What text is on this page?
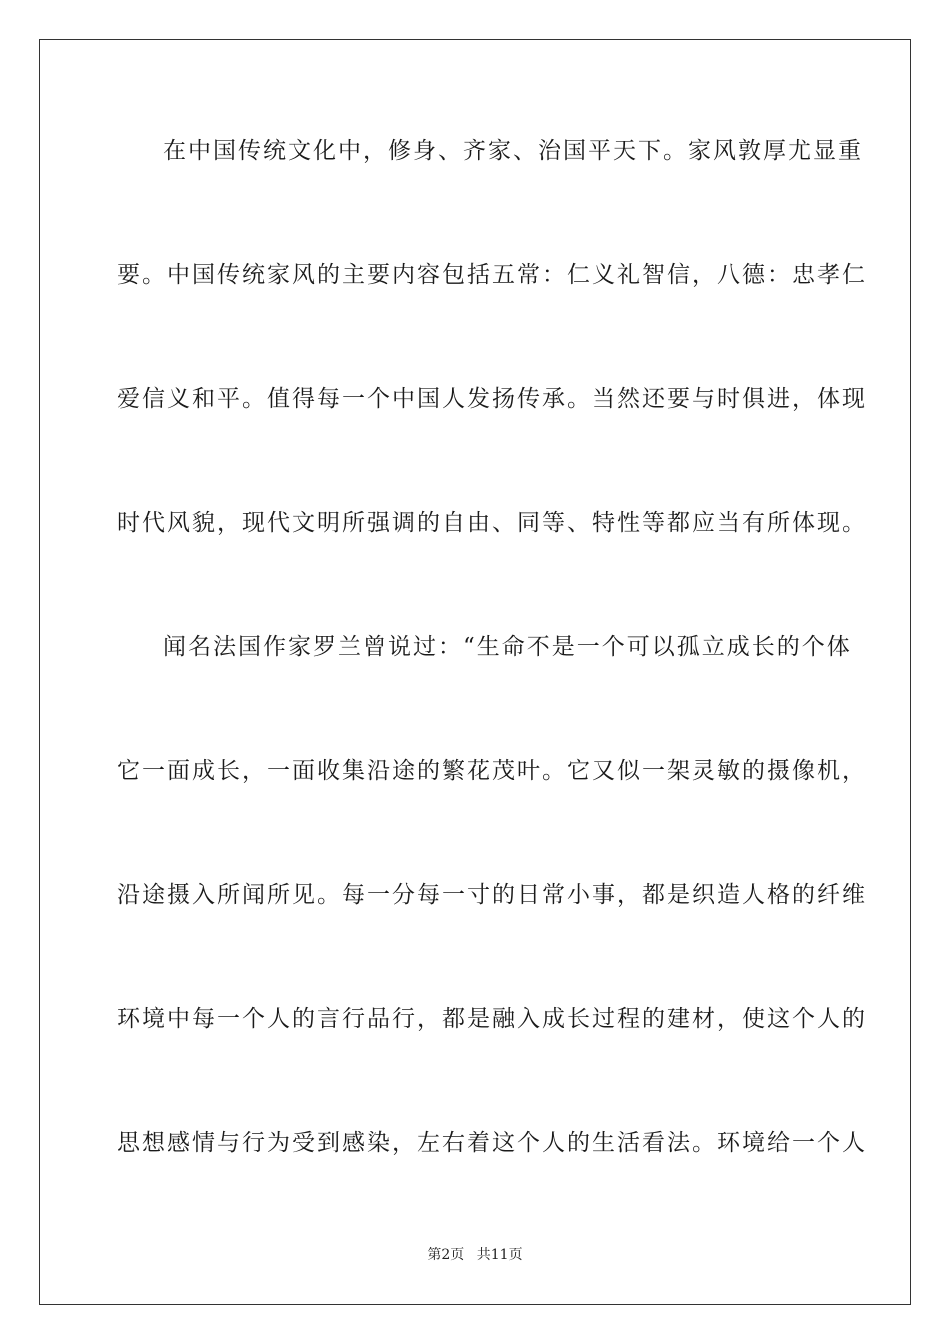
在中国传统文化中，修身、齐家、治国平天下。家风敦厚尤显重
要。中国传统家风的主要内容包括五常：仁义礼智信，八德：忠孝仁
爱信义和平。值得每一个中国人发扬传承。当然还要与时俱进，体现
时代风貌，现代文明所强调的自由、同等、特性等都应当有所体现。
闻名法国作家罗兰曾说过：“生命不是一个可以孤立成长的个体
它一面成长，一面收集沿途的繁花茂叶。它又似一架灵敏的摄像机，
沿途摄入所闻所见。每一分每一寸的日常小事，都是织造人格的纤维
环境中每一个人的言行品行，都是融入成长过程的建材，使这个人的
思想感情与行为受到感染，左右着这个人的生活看法。环境给一个人
第2页 共11页
